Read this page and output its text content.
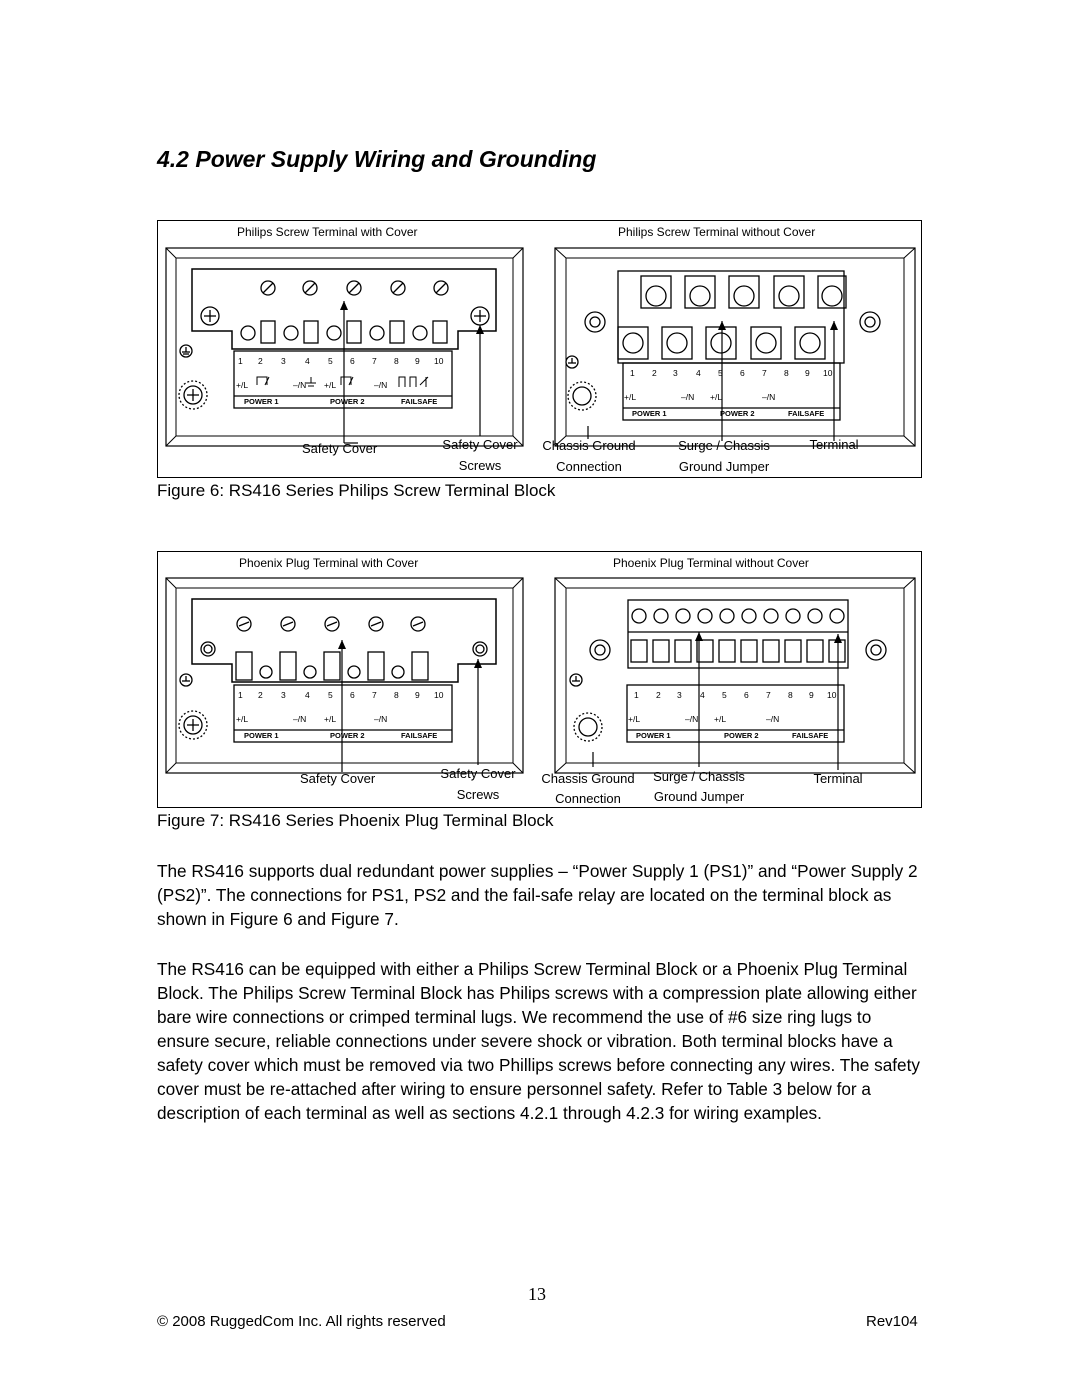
4.2 Power Supply Wiring and Grounding
1 2 3 4 5 6 7 8 9 10
+/L	–/N +/L	–/N
POWER 1	POWER 2	FAILSAFE
1 2 3 4 5 6 7 8 9 10
+/L	–/N +/L	–/N
POWER 1	POWER 2	FAILSAFE
Philips Screw Terminal with Cover	Philips Screw Terminal without Cover
Safety Cover	Safety Cover
Screws
Chassis Ground
Connection
Surge / Chassis
Ground Jumper
Terminal
Figure 6: RS416 Series Philips Screw Terminal Block
1 2 3 4 5 6 7 8 9 10
+/L	–/N +/L	–/N
POWER 1	POWER 2	FAILSAFE
1 2 3 4 5 6 7 8 9 10
+/L	–/N +/L	–/N
POWER 1	POWER 2	FAILSAFE
Phoenix Plug Terminal with Cover	Phoenix Plug Terminal without Cover
Safety Cover	Safety Cover
Screws
Chassis Ground
Connection
Surge / Chassis
Ground Jumper
Terminal
Figure 7: RS416 Series Phoenix Plug Terminal Block

The RS416 supports dual redundant power supplies – “Power Supply 1 (PS1)” and “Power Supply 2 (PS2)”. The connections for PS1, PS2 and the fail-safe relay are located on the terminal block as shown in Figure 6 and Figure 7.

The RS416 can be equipped with either a Philips Screw Terminal Block or a Phoenix Plug Terminal Block. The Philips Screw Terminal Block has Philips screws with a compression plate allowing either bare wire connections or crimped terminal lugs. We recommend the use of #6 size ring lugs to ensure secure, reliable connections under severe shock or vibration. Both terminal blocks have a safety cover which must be removed via two Phillips screws before connecting any wires. The safety cover must be re-attached after wiring to ensure personnel safety. Refer to Table 3 below for a description of each terminal as well as sections 4.2.1 through 4.2.3 for wiring examples.

13
© 2008 RuggedCom Inc. All rights reserved	Rev104
